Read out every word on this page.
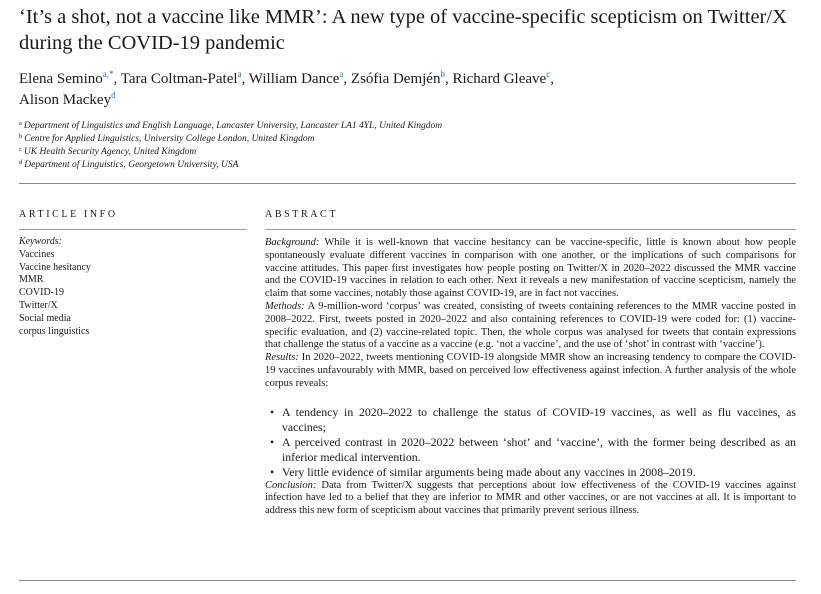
‘It’s a shot, not a vaccine like MMR’: A new type of vaccine-specific scepticism on Twitter/X during the COVID-19 pandemic
Elena Semino$^{a,*}$, Tara Coltman-Patel$^a$, William Dance$^a$, Zsófia Demjén$^b$, Richard Gleave$^c$,
Alison Mackey$^d$
$^a$ Department of Linguistics and English Language, Lancaster University, Lancaster LA1 4YL, United Kingdom
$^b$ Centre for Applied Linguistics, University College London, United Kingdom
$^c$ UK Health Security Agency, United Kingdom
$^d$ Department of Linguistics, Georgetown University, USA
ARTICLE INFO	ABSTRACT
Keywords:
Vaccines
Vaccine hesitancy
MMR
COVID-19
Twitter/X
Social media
corpus linguistics

Background: While it is well-known that vaccine hesitancy can be vaccine-specific, little is known about how people spontaneously evaluate different vaccines in comparison with one another, or the implications of such comparisons for vaccine attitudes. This paper first investigates how people posting on Twitter/X in 2020–2022 discussed the MMR vaccine and the COVID-19 vaccines in relation to each other. Next it reveals a new manifestation of vaccine scepticism, namely the claim that some vaccines, notably those against COVID-19, are in fact not vaccines.

Methods: A 9-million-word ‘corpus’ was created, consisting of tweets containing references to the MMR vaccine posted in 2008–2022. First, tweets posted in 2020–2022 and also containing references to COVID-19 were coded for: (1) vaccine-specific evaluation, and (2) vaccine-related topic. Then, the whole corpus was analysed for tweets that contain expressions that challenge the status of a vaccine as a vaccine (e.g. ‘not a vaccine’, and the use of ‘shot’ in contrast with ‘vaccine’).

Results: In 2020–2022, tweets mentioning COVID-19 alongside MMR show an increasing tendency to compare the COVID-19 vaccines unfavourably with MMR, based on perceived low effectiveness against infection. A further analysis of the whole corpus reveals:

• A tendency in 2020–2022 to challenge the status of COVID-19 vaccines, as well as flu vaccines, as vaccines;
• A perceived contrast in 2020–2022 between ‘shot’ and ‘vaccine’, with the former being described as an inferior medical intervention.
• Very little evidence of similar arguments being made about any vaccines in 2008–2019.

Conclusion: Data from Twitter/X suggests that perceptions about low effectiveness of the COVID-19 vaccines against infection have led to a belief that they are inferior to MMR and other vaccines, or are not vaccines at all. It is important to address this new form of scepticism about vaccines that primarily prevent serious illness.
